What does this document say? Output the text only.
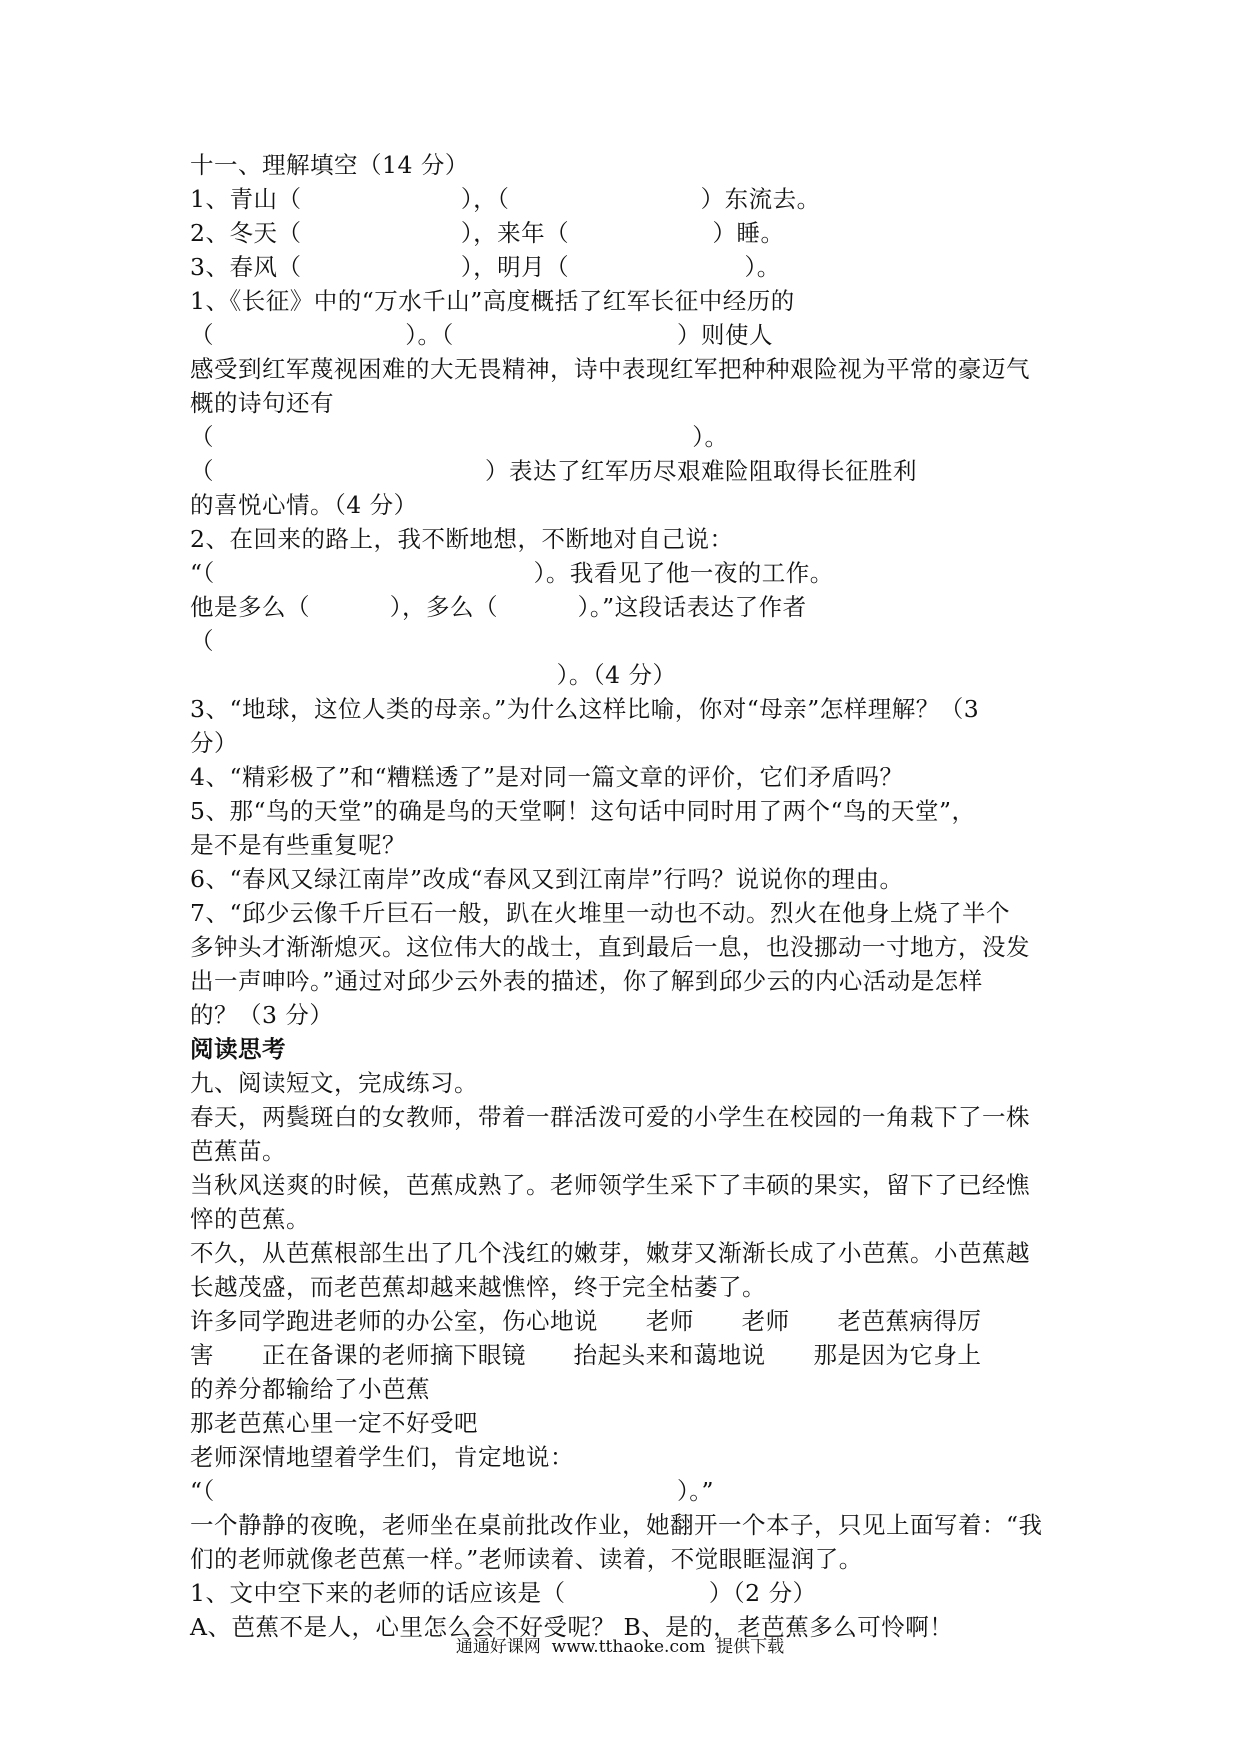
十一、理解填空（14 分）
1、青山（                    ），（                        ）东流去。
2、冬天（                    ），来年（                  ）睡。
3、春风（                    ），明月（                      ）。
1、《长征》中的“万水千山”高度概括了红军长征中经历的
（                        ）。（                            ）则使人
感受到红军蔑视困难的大无畏精神，诗中表现红军把种种艰险视为平常的豪迈气
概的诗句还有
（                                                            ）。
（                                  ）表达了红军历尽艰难险阻取得长征胜利
的喜悦心情。（4 分）
2、在回来的路上，我不断地想，不断地对自己说：
“（                                        ）。我看见了他一夜的工作。
他是多么（          ），多么（          ）。”这段话表达了作者
（
）。（4 分）
3、“地球，这位人类的母亲。”为什么这样比喻，你对“母亲”怎样理解？（3
分）
4、“精彩极了”和“糟糕透了”是对同一篇文章的评价，它们矛盾吗？
5、那“鸟的天堂”的确是鸟的天堂啊！这句话中同时用了两个“鸟的天堂”，
是不是有些重复呢？
6、“春风又绿江南岸”改成“春风又到江南岸”行吗？说说你的理由。
7、“邱少云像千斤巨石一般，趴在火堆里一动也不动。烈火在他身上烧了半个
多钟头才渐渐熄灭。这位伟大的战士，直到最后一息，也没挪动一寸地方，没发
出一声呻吟。”通过对邱少云外表的描述，你了解到邱少云的内心活动是怎样
的？（3 分）
阅读思考
九、阅读短文，完成练习。
春天，两鬓斑白的女教师，带着一群活泼可爱的小学生在校园的一角栽下了一株
芭蕉苗。
当秋风送爽的时候，芭蕉成熟了。老师领学生采下了丰硕的果实，留下了已经憔
悴的芭蕉。
不久，从芭蕉根部生出了几个浅红的嫩芽，嫩芽又渐渐长成了小芭蕉。小芭蕉越
长越茂盛，而老芭蕉却越来越憔悴，终于完全枯萎了。
许多同学跑进老师的办公室，伤心地说      老师      老师      老芭蕉病得厉
害      正在备课的老师摘下眼镜      抬起头来和蔼地说      那是因为它身上
的养分都输给了小芭蕉
那老芭蕉心里一定不好受吧
老师深情地望着学生们，肯定地说：
“（                                                          ）。”
一个静静的夜晚，老师坐在桌前批改作业，她翻开一个本子，只见上面写着：“我
们的老师就像老芭蕉一样。”老师读着、读着，不觉眼眶湿润了。
1、文中空下来的老师的话应该是（                  ）（2 分）
A、芭蕉不是人，心里怎么会不好受呢？ B、是的，老芭蕉多么可怜啊！
通通好课网  www.tthaoke.com  提供下载
